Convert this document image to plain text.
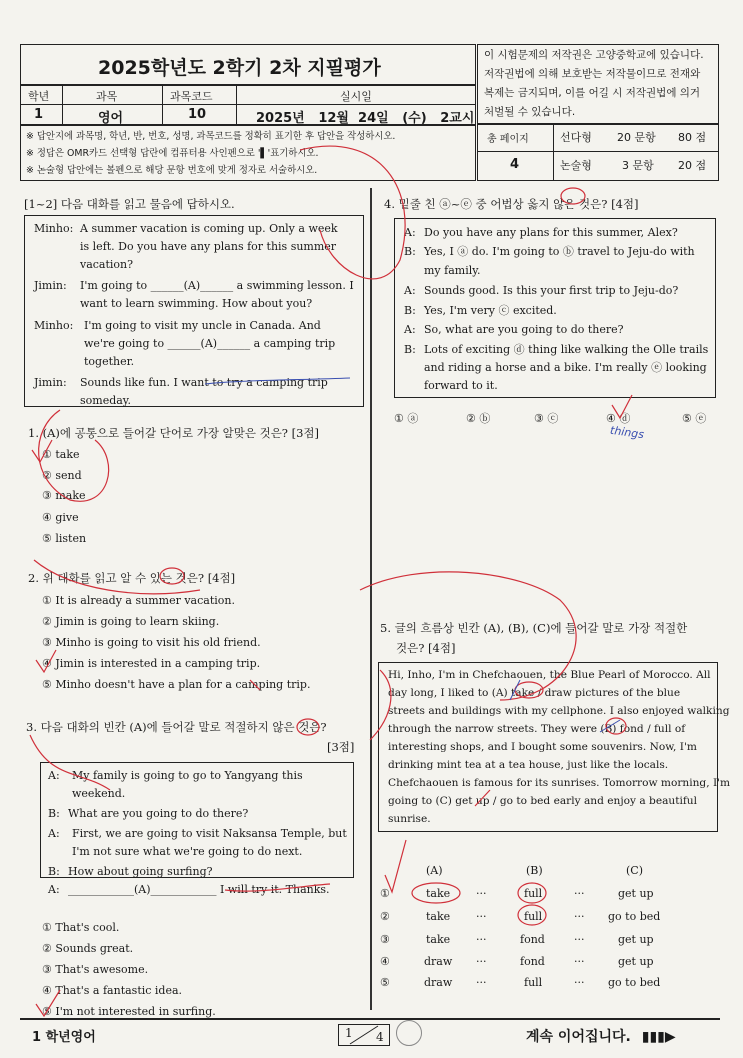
2025학년도 2학기 2차 지필평가
이 시험문제의 저작권은 고양중학교에 있습니다.
저작권법에 의해 보호받는 저작물이므로 전재와
복제는 금지되며, 이를 어길 시 저작권법에 의거
처벌될 수 있습니다.
학년	과목	과목코드	실시일
1	영어	10	2025년   12월  24일   (수)   2교시
※ 답안지에 과목명, 학년, 반, 번호, 성명, 과목코드를 정확히 표기한 후 답안을 작성하시오.
※ 정답은 OMR카드 선택형 답란에 컴퓨터용 사인펜으로 '▌'표기하시오.
※ 논술형 답안에는 볼펜으로 해당 문항 번호에 맞게 정자로 서술하시오.
총 페이지
4
선다형 20 문항 80 점
논술형	3 문항 20 점
[1~2] 다음 대화를 읽고 물음에 답하시오.
Minho: A summer vacation is coming up. Only a week
is left. Do you have any plans for this summer
vacation?
Jimin: I'm going to ______(A)______ a swimming lesson. I
want to learn swimming. How about you?
Minho: I'm going to visit my uncle in Canada. And
we're going to ______(A)______ a camping trip
together.
Jimin: Sounds like fun. I want to try a camping trip
someday.
1. (A)에 공통으로 들어갈 단어로 가장 알맞은 것은? [3점]
① take
② send
③ make
④ give
⑤ listen
2. 위 대화를 읽고 알 수 있는 것은? [4점]
① It is already a summer vacation.
② Jimin is going to learn skiing.
③ Minho is going to visit his old friend.
④ Jimin is interested in a camping trip.
⑤ Minho doesn't have a plan for a camping trip.
3. 다음 대화의 빈칸 (A)에 들어갈 말로 적절하지 않은 것은?
[3점]
A: My family is going to go to Yangyang this
weekend.
B: What are you going to do there?
A: First, we are going to visit Naksansa Temple, but
I'm not sure what we're going to do next.
B: How about going surfing?
A: ____________(A)____________ I will try it. Thanks.
① That's cool.
② Sounds great.
③ That's awesome.
④ That's a fantastic idea.
⑤ I'm not interested in surfing.
4. 밑줄 친 ⓐ~ⓔ 중 어법상 옳지 않은 것은? [4점]
A: Do you have any plans for this summer, Alex?
B: Yes, I ⓐ do. I'm going to ⓑ travel to Jeju-do with
my family.
A: Sounds good. Is this your first trip to Jeju-do?
B: Yes, I'm very ⓒ excited.
A: So, what are you going to do there?
B: Lots of exciting ⓓ thing like walking the Olle trails
and riding a horse and a bike. I'm really ⓔ looking
forward to it.
① ⓐ	② ⓑ	③ ⓒ	④ ⓓ	⑤ ⓔ
things
5. 글의 흐름상 빈칸 (A), (B), (C)에 들어갈 말로 가장 적절한
것은? [4점]
Hi, Inho, I'm in Chefchaouen, the Blue Pearl of Morocco. All
day long, I liked to (A) take / draw pictures of the blue
streets and buildings with my cellphone. I also enjoyed walking
through the narrow streets. They were (B) fond / full of
interesting shops, and I bought some souvenirs. Now, I'm
drinking mint tea at a tea house, just like the locals.
Chefchaouen is famous for its sunrises. Tomorrow morning, I'm
going to (C) get up / go to bed early and enjoy a beautiful
sunrise.
(A)	(B)	(C)
①	take ···	full	···	get up
②	take ···	full	··· go to bed
③	take ···	fond	···	get up
④	draw ···	fond	···	get up
⑤	draw ···	full	··· go to bed
1 학년영어	1 4	계속 이어집니다. ▮▮▮▶
